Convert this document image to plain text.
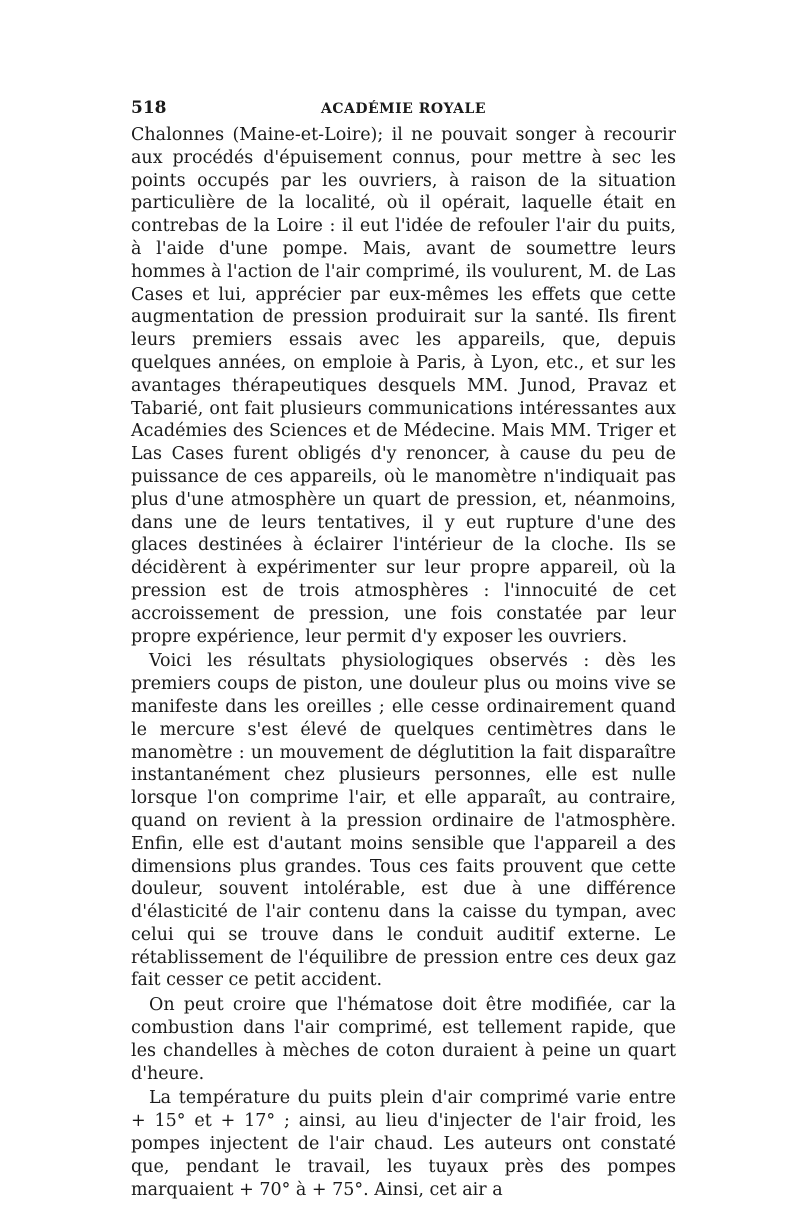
518	ACADÉMIE ROYALE

Chalonnes (Maine-et-Loire); il ne pouvait songer à recourir aux procédés d'épuisement connus, pour mettre à sec les points occupés par les ouvriers, à raison de la situation particulière de la localité, où il opérait, laquelle était en contrebas de la Loire : il eut l'idée de refouler l'air du puits, à l'aide d'une pompe. Mais, avant de soumettre leurs hommes à l'action de l'air comprimé, ils voulurent, M. de Las Cases et lui, apprécier par eux-mêmes les effets que cette augmentation de pression produirait sur la santé. Ils firent leurs premiers essais avec les appareils, que, depuis quelques années, on emploie à Paris, à Lyon, etc., et sur les avantages thérapeutiques desquels MM. Junod, Pravaz et Tabarié, ont fait plusieurs communications intéressantes aux Académies des Sciences et de Médecine. Mais MM. Triger et Las Cases furent obligés d'y renoncer, à cause du peu de puissance de ces appareils, où le manomètre n'indiquait pas plus d'une atmosphère un quart de pression, et, néanmoins, dans une de leurs tentatives, il y eut rupture d'une des glaces destinées à éclairer l'intérieur de la cloche. Ils se décidèrent à expérimenter sur leur propre appareil, où la pression est de trois atmosphères : l'innocuité de cet accroissement de pression, une fois constatée par leur propre expérience, leur permit d'y exposer les ouvriers.

Voici les résultats physiologiques observés : dès les premiers coups de piston, une douleur plus ou moins vive se manifeste dans les oreilles ; elle cesse ordinairement quand le mercure s'est élevé de quelques centimètres dans le manomètre : un mouvement de déglutition la fait disparaître instantanément chez plusieurs personnes, elle est nulle lorsque l'on comprime l'air, et elle apparaît, au contraire, quand on revient à la pression ordinaire de l'atmosphère. Enfin, elle est d'autant moins sensible que l'appareil a des dimensions plus grandes. Tous ces faits prouvent que cette douleur, souvent intolérable, est due à une différence d'élasticité de l'air contenu dans la caisse du tympan, avec celui qui se trouve dans le conduit auditif externe. Le rétablissement de l'équilibre de pression entre ces deux gaz fait cesser ce petit accident.

On peut croire que l'hématose doit être modifiée, car la combustion dans l'air comprimé, est tellement rapide, que les chandelles à mèches de coton duraient à peine un quart d'heure.

La température du puits plein d'air comprimé varie entre + 15° et + 17° ; ainsi, au lieu d'injecter de l'air froid, les pompes injectent de l'air chaud. Les auteurs ont constaté que, pendant le travail, les tuyaux près des pompes marquaient + 70° à + 75°. Ainsi, cet air a
